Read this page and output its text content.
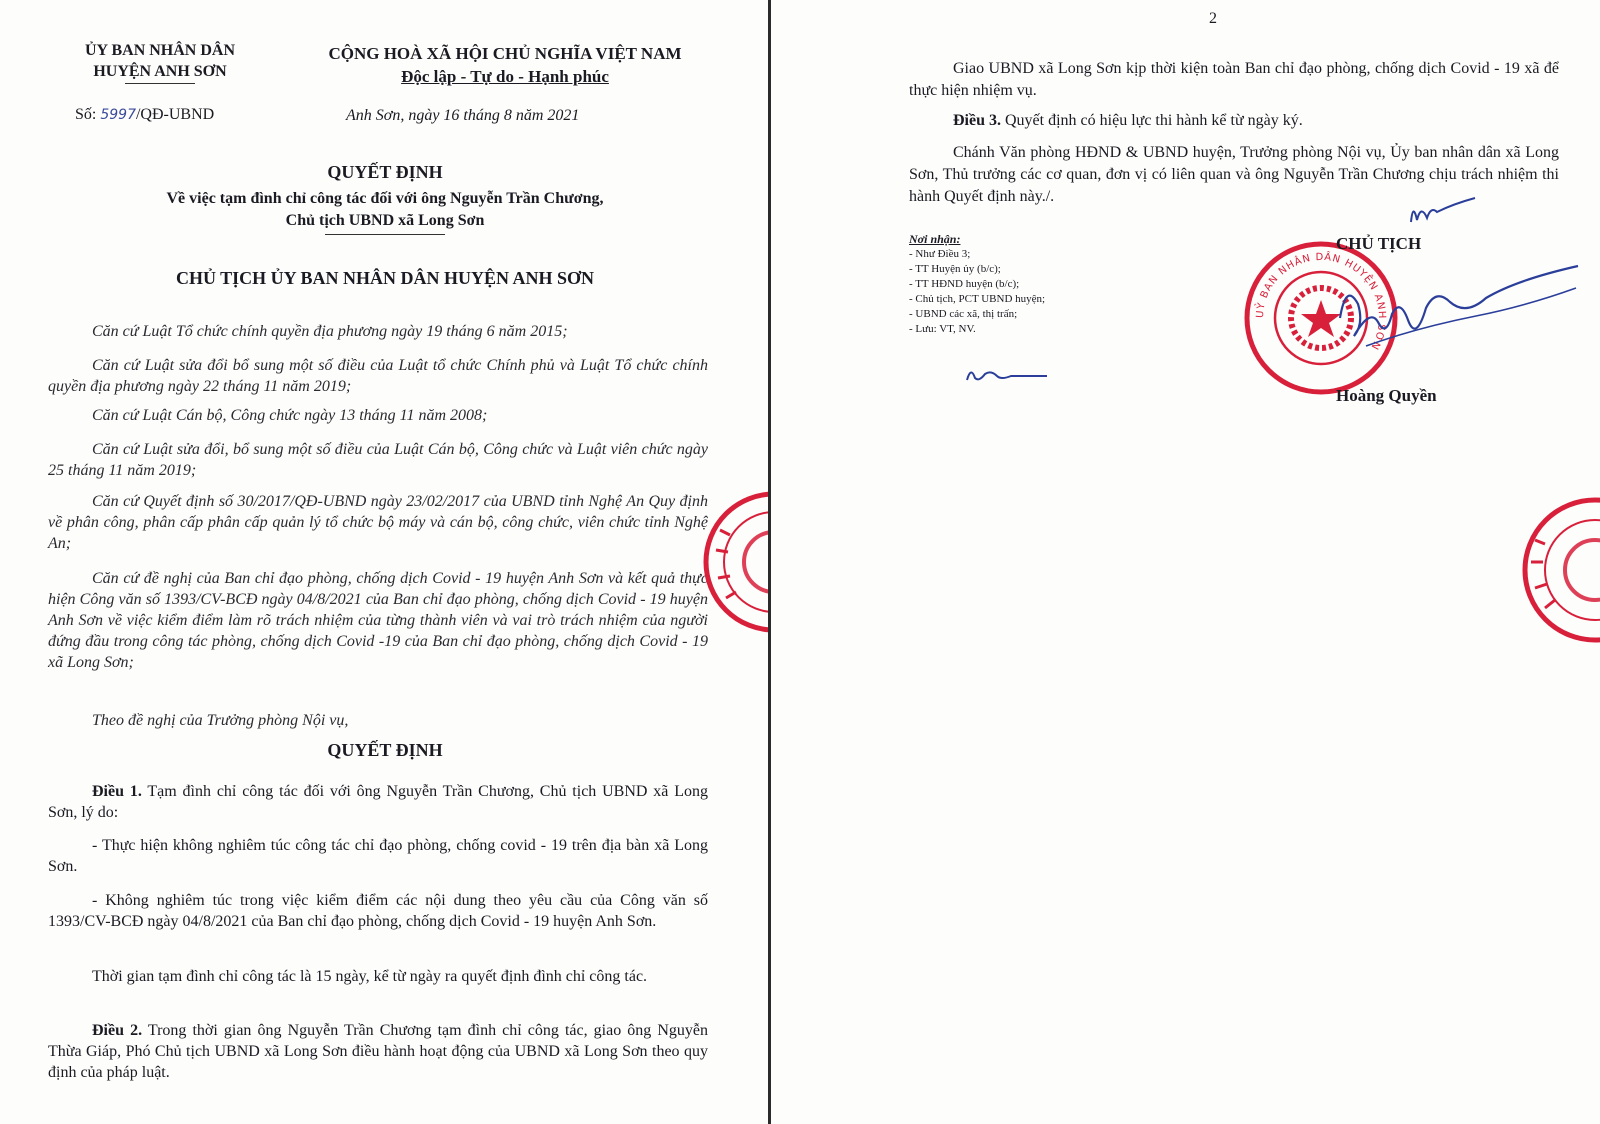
ỦY BAN NHÂN DÂN
HUYỆN ANH SƠN
CỘNG HOÀ XÃ HỘI CHỦ NGHĨA VIỆT NAM
Độc lập - Tự do - Hạnh phúc
Số: 5997/QĐ-UBND	Anh Sơn, ngày 16 tháng 8 năm 2021
QUYẾT ĐỊNH
Về việc tạm đình chỉ công tác đối với ông Nguyễn Trần Chương,
Chủ tịch UBND xã Long Sơn
CHỦ TỊCH ỦY BAN NHÂN DÂN HUYỆN ANH SƠN
Căn cứ Luật Tổ chức chính quyền địa phương ngày 19 tháng 6 năm 2015;
Căn cứ Luật sửa đổi bổ sung một số điều của Luật tổ chức Chính phủ và Luật Tổ chức chính quyền địa phương ngày 22 tháng 11 năm 2019;
Căn cứ Luật Cán bộ, Công chức ngày 13 tháng 11 năm 2008;
Căn cứ Luật sửa đổi, bổ sung một số điều của Luật Cán bộ, Công chức và Luật viên chức ngày 25 tháng 11 năm 2019;
Căn cứ Quyết định số 30/2017/QĐ-UBND ngày 23/02/2017 của UBND tỉnh Nghệ An Quy định về phân công, phân cấp phân cấp quản lý tổ chức bộ máy và cán bộ, công chức, viên chức tỉnh Nghệ An;
Căn cứ đề nghị của Ban chỉ đạo phòng, chống dịch Covid - 19 huyện Anh Sơn và kết quả thực hiện Công văn số 1393/CV-BCĐ ngày 04/8/2021 của Ban chỉ đạo phòng, chống dịch Covid - 19 huyện Anh Sơn về việc kiểm điểm làm rõ trách nhiệm của từng thành viên và vai trò trách nhiệm của người đứng đầu trong công tác phòng, chống dịch Covid -19 của Ban chỉ đạo phòng, chống dịch Covid - 19 xã Long Sơn;
Theo đề nghị của Trưởng phòng Nội vụ,
QUYẾT ĐỊNH
Điều 1. Tạm đình chỉ công tác đối với ông Nguyễn Trần Chương, Chủ tịch UBND xã Long Sơn, lý do:
- Thực hiện không nghiêm túc công tác chỉ đạo phòng, chống covid - 19 trên địa bàn xã Long Sơn.
- Không nghiêm túc trong việc kiểm điểm các nội dung theo yêu cầu của Công văn số 1393/CV-BCĐ ngày 04/8/2021 của Ban chỉ đạo phòng, chống dịch Covid - 19 huyện Anh Sơn.
Thời gian tạm đình chỉ công tác là 15 ngày, kể từ ngày ra quyết định đình chỉ công tác.
Điều 2. Trong thời gian ông Nguyễn Trần Chương tạm đình chỉ công tác, giao ông Nguyễn Thừa Giáp, Phó Chủ tịch UBND xã Long Sơn điều hành hoạt động của UBND xã Long Sơn theo quy định của pháp luật.
2
Giao UBND xã Long Sơn kịp thời kiện toàn Ban chỉ đạo phòng, chống dịch Covid - 19 xã để thực hiện nhiệm vụ.
Điều 3. Quyết định có hiệu lực thi hành kể từ ngày ký.
Chánh Văn phòng HĐND & UBND huyện, Trưởng phòng Nội vụ, Ủy ban nhân dân xã Long Sơn, Thủ trưởng các cơ quan, đơn vị có liên quan và ông Nguyễn Trần Chương chịu trách nhiệm thi hành Quyết định này./.
Nơi nhận:
- Như Điều 3;
- TT Huyện ủy (b/c);
- TT HĐND huyện (b/c);
- Chủ tịch, PCT UBND huyện;
- UBND các xã, thị trấn;
- Lưu: VT, NV.
UỶ BAN NHÂN DÂN HUYỆN ANH SƠN
CHỦ TỊCH
Hoàng Quyền
